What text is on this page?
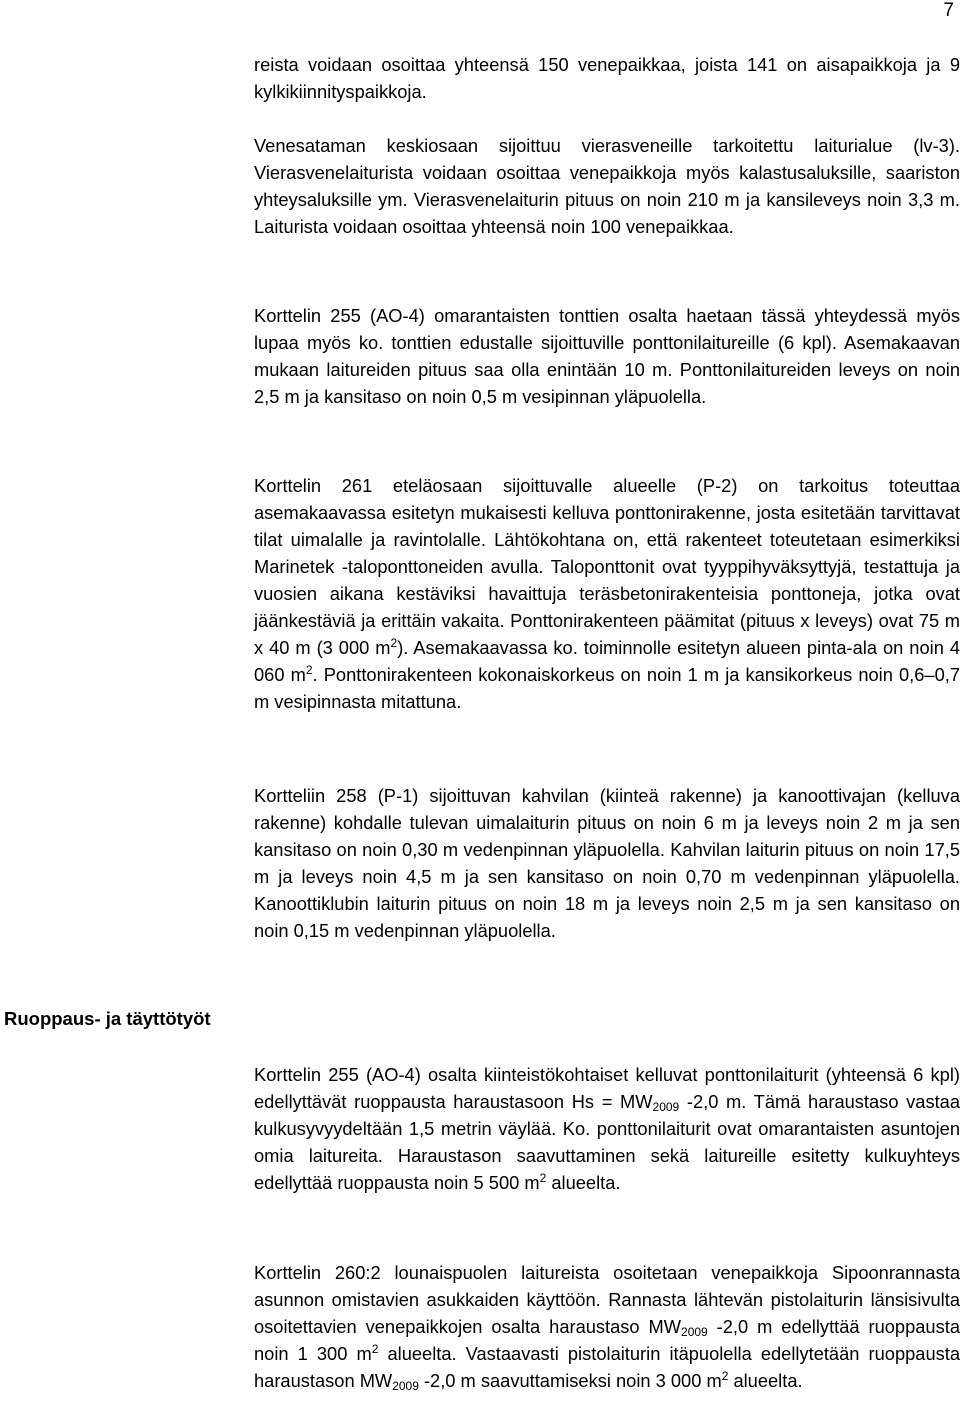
7
Ruoppaus- ja täyttötyöt

reista voidaan osoittaa yhteensä 150 venepaikkaa, joista 141 on aisapaikkoja ja 9 kylkikiinnityspaikkoja.

Venesataman keskiosaan sijoittuu vierasveneille tarkoitettu laiturialue (lv-3). Vierasvenelaiturista voidaan osoittaa venepaikkoja myös kalastusaluksille, saariston yhteysaluksille ym. Vierasvenelaiturin pituus on noin 210 m ja kansileveys noin 3,3 m. Laiturista voidaan osoittaa yhteensä noin 100 venepaikkaa.

Korttelin 255 (AO-4) omarantaisten tonttien osalta haetaan tässä yhteydessä myös lupaa myös ko. tonttien edustalle sijoittuville ponttonilaitureille (6 kpl). Asemakaavan mukaan laitureiden pituus saa olla enintään 10 m. Ponttonilaitureiden leveys on noin 2,5 m ja kansitaso on noin 0,5 m vesipinnan yläpuolella.

Korttelin 261 eteläosaan sijoittuvalle alueelle (P-2) on tarkoitus toteuttaa asemakaavassa esitetyn mukaisesti kelluva ponttonirakenne, josta esitetään tarvittavat tilat uimalalle ja ravintolalle. Lähtökohtana on, että rakenteet toteutetaan esimerkiksi Marinetek -taloponttoneiden avulla. Taloponttonit ovat tyyppihyväksyttyjä, testattuja ja vuosien aikana kestäviksi havaittuja teräsbetonirakenteisia ponttoneja, jotka ovat jäänkestäviä ja erittäin vakaita. Ponttonirakenteen päämitat (pituus x leveys) ovat 75 m x 40 m (3 000 $m^2$). Asemakaavassa ko. toiminnolle esitetyn alueen pinta-ala on noin 4 060 $m^2$. Ponttonirakenteen kokonaiskorkeus on noin 1 m ja kansikorkeus noin 0,6–0,7 m vesipinnasta mitattuna.

Kortteliin 258 (P-1) sijoittuvan kahvilan (kiinteä rakenne) ja kanoottivajan (kelluva rakenne) kohdalle tulevan uimalaiturin pituus on noin 6 m ja leveys noin 2 m ja sen kansitaso on noin 0,30 m vedenpinnan yläpuolella. Kahvilan laiturin pituus on noin 17,5 m ja leveys noin 4,5 m ja sen kansitaso on noin 0,70 m vedenpinnan yläpuolella. Kanoottiklubin laiturin pituus on noin 18 m ja leveys noin 2,5 m ja sen kansitaso on noin 0,15 m vedenpinnan yläpuolella.

Korttelin 255 (AO-4) osalta kiinteistökohtaiset kelluvat ponttonilaiturit (yhteensä 6 kpl) edellyttävät ruoppausta haraustasoon $Hs = MW_{2009}$ -2,0 m. Tämä haraustaso vastaa kulkusyvyydeltään 1,5 metrin väylää. Ko. ponttonilaiturit ovat omarantaisten asuntojen omia laitureita. Haraustason saavuttaminen sekä laitureille esitetty kulkuyhteys edellyttää ruoppausta noin 5 500 $m^2$ alueelta.

Korttelin 260:2 lounaispuolen laitureista osoitetaan venepaikkoja Sipoonrannasta asunnon omistavien asukkaiden käyttöön. Rannasta lähtevän pistolaiturin länsisivulta osoitettavien venepaikkojen osalta haraustaso $MW_{2009}$ -2,0 m edellyttää ruoppausta noin 1 300 $m^2$ alueelta. Vastaavasti pistolaiturin itäpuolella edellytetään ruoppausta haraustason $MW_{2009}$ -2,0 m saavuttamiseksi noin 3 000 $m^2$ alueelta.
